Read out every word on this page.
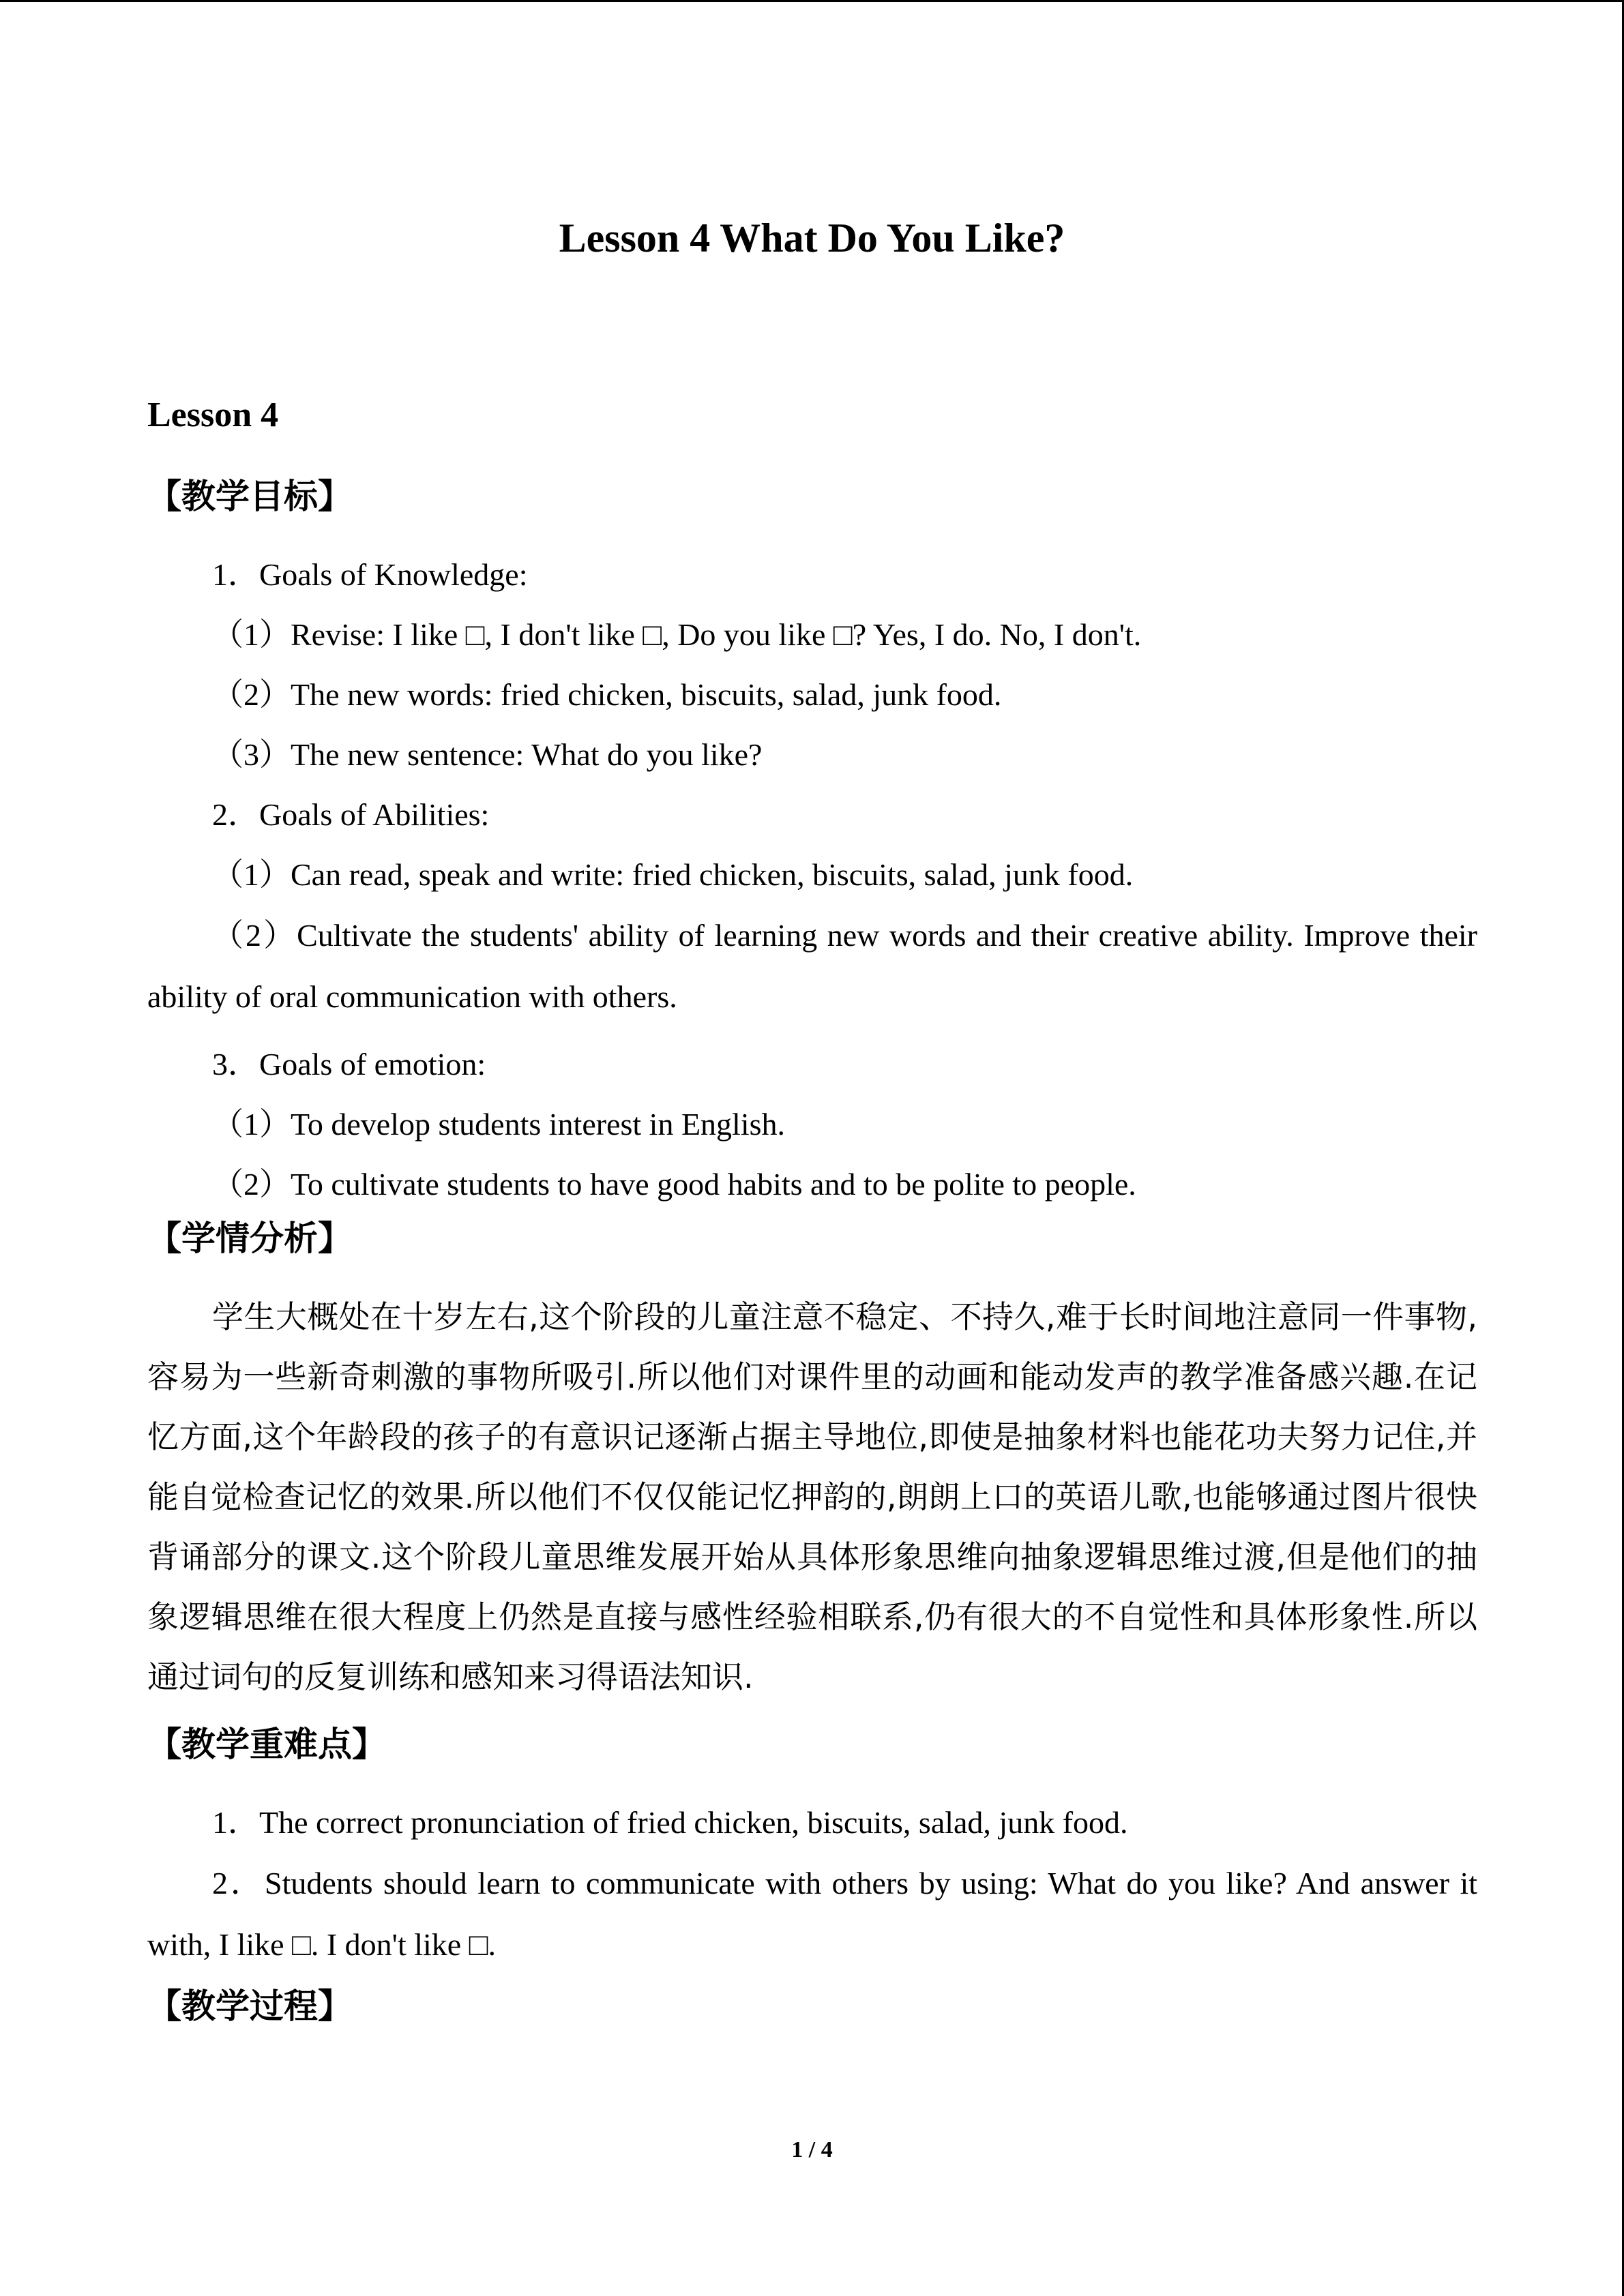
Lesson 4 What Do You Like?
Lesson 4
【教学目标】

1．Goals of Knowledge:

（1）Revise: I like □, I don't like □, Do you like □? Yes, I do. No, I don't.

（2）The new words: fried chicken, biscuits, salad, junk food.

（3）The new sentence: What do you like?

2．Goals of Abilities:

（1）Can read, speak and write: fried chicken, biscuits, salad, junk food.

（2）Cultivate the students' ability of learning new words and their creative ability. Improve their ability of oral communication with others.

3．Goals of emotion:

（1）To develop students interest in English.

（2）To cultivate students to have good habits and to be polite to people.

【学情分析】

学生大概处在十岁左右,这个阶段的儿童注意不稳定、不持久,难于长时间地注意同一件事物,容易为一些新奇刺激的事物所吸引.所以他们对课件里的动画和能动发声的教学准备感兴趣.在记忆方面,这个年龄段的孩子的有意识记逐渐占据主导地位,即使是抽象材料也能花功夫努力记住,并能自觉检查记忆的效果.所以他们不仅仅能记忆押韵的,朗朗上口的英语儿歌,也能够通过图片很快背诵部分的课文.这个阶段儿童思维发展开始从具体形象思维向抽象逻辑思维过渡,但是他们的抽象逻辑思维在很大程度上仍然是直接与感性经验相联系,仍有很大的不自觉性和具体形象性.所以通过词句的反复训练和感知来习得语法知识.

【教学重难点】

1．The correct pronunciation of fried chicken, biscuits, salad, junk food.

2．Students should learn to communicate with others by using: What do you like? And answer it with, I like □. I don't like □.

【教学过程】
1 / 4
